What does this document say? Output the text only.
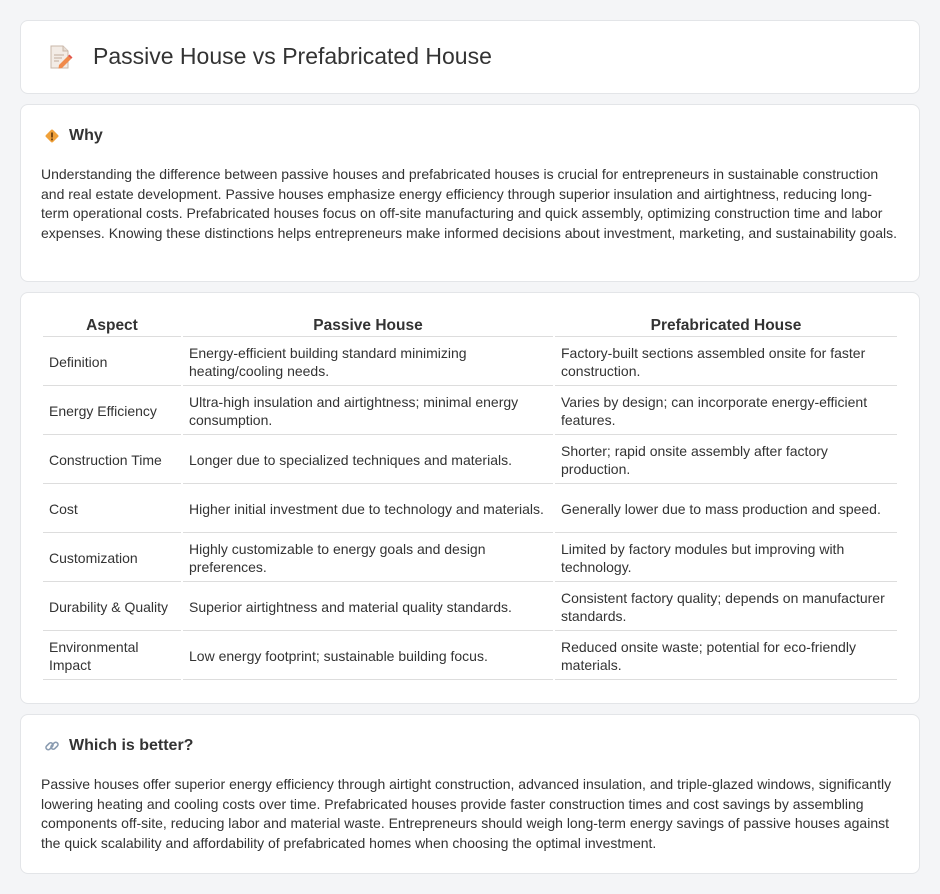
Passive House vs Prefabricated House
Why

Understanding the difference between passive houses and prefabricated houses is crucial for entrepreneurs in sustainable construction and real estate development. Passive houses emphasize energy efficiency through superior insulation and airtightness, reducing long-term operational costs. Prefabricated houses focus on off-site manufacturing and quick assembly, optimizing construction time and labor expenses. Knowing these distinctions helps entrepreneurs make informed decisions about investment, marketing, and sustainability goals.

Aspect	Passive House	Prefabricated House
Definition	Energy-efficient building standard minimizing heating/cooling needs.	Factory-built sections assembled onsite for faster construction.
Energy Efficiency	Ultra-high insulation and airtightness; minimal energy consumption.	Varies by design; can incorporate energy-efficient features.
Construction Time	Longer due to specialized techniques and materials.	Shorter; rapid onsite assembly after factory production.
Cost	Higher initial investment due to technology and materials.	Generally lower due to mass production and speed.
Customization	Highly customizable to energy goals and design preferences.	Limited by factory modules but improving with technology.
Durability & Quality	Superior airtightness and material quality standards.	Consistent factory quality; depends on manufacturer standards.
Environmental Impact	Low energy footprint; sustainable building focus.	Reduced onsite waste; potential for eco-friendly materials.
Which is better?

Passive houses offer superior energy efficiency through airtight construction, advanced insulation, and triple-glazed windows, significantly lowering heating and cooling costs over time. Prefabricated houses provide faster construction times and cost savings by assembling components off-site, reducing labor and material waste. Entrepreneurs should weigh long-term energy savings of passive houses against the quick scalability and affordability of prefabricated homes when choosing the optimal investment.
